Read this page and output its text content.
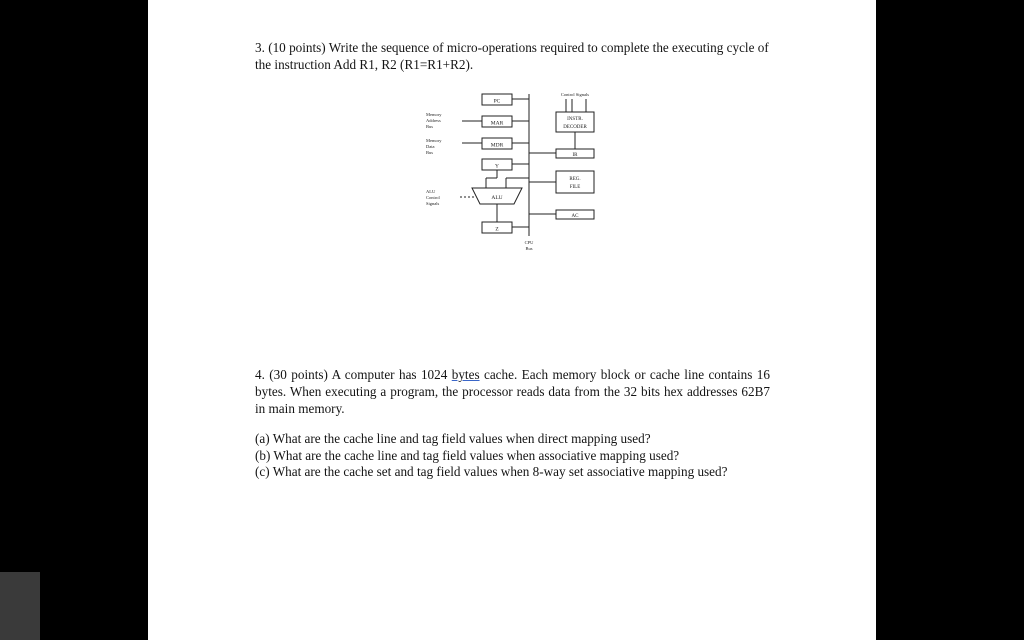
3. (10 points) Write the sequence of micro-operations required to complete the executing cycle of the instruction Add R1, R2 (R1=R1+R2).
PC
MAR
MDR
Y
ALU
Z
Control Signals
INSTR.
DECODER
IR
REG.
FILE
AC
Memory
Address
Bus
Memory
Data
Bus
ALU
Control
Signals
CPU
Bus
4. (30 points) A computer has 1024 bytes cache. Each memory block or cache line contains 16 bytes. When executing a program, the processor reads data from the 32 bits hex addresses 62B7 in main memory.
(a) What are the cache line and tag field values when direct mapping used?
(b) What are the cache line and tag field values when associative mapping used?
(c) What are the cache set and tag field values when 8-way set associative mapping used?
